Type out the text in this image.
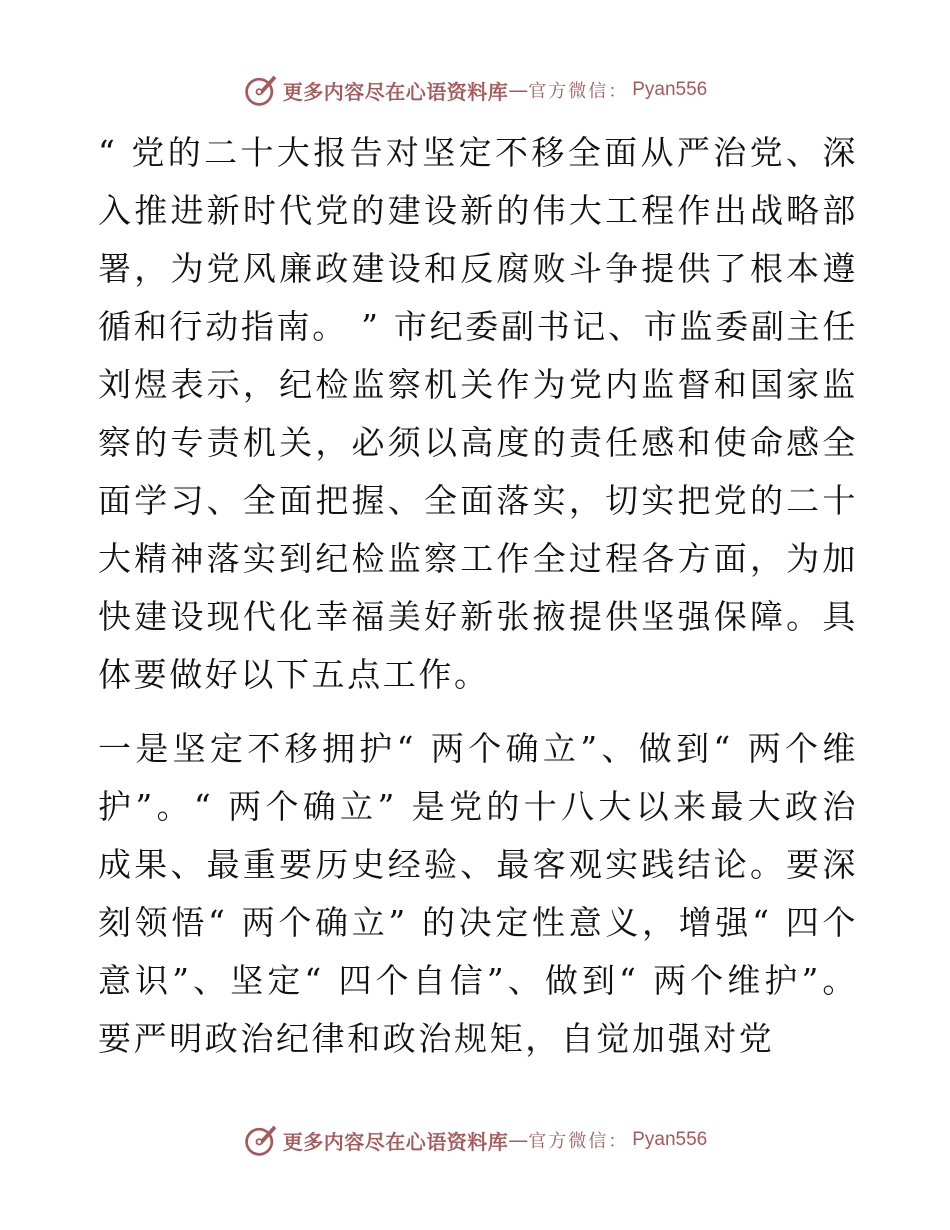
更多内容尽在心语资料库 — 官方微信： Pyan556

“ 党的二十大报告对坚定不移全面从严治党、深入推进新时代党的建设新的伟大工程作出战略部署，为党风廉政建设和反腐败斗争提供了根本遵循和行动指南。 ” 市纪委副书记、市监委副主任刘煜表示，纪检监察机关作为党内监督和国家监察的专责机关，必须以高度的责任感和使命感全面学习、全面把握、全面落实，切实把党的二十大精神落实到纪检监察工作全过程各方面，为加快建设现代化幸福美好新张掖提供坚强保障。具体要做好以下五点工作。

一是坚定不移拥护“ 两个确立”、做到“ 两个维护”。“ 两个确立” 是党的十八大以来最大政治成果、最重要历史经验、最客观实践结论。要深刻领悟“ 两个确立” 的决定性意义，增强“ 四个意识”、坚定“ 四个自信”、做到“ 两个维护”。要严明政治纪律和政治规矩，自觉加强对党

更多内容尽在心语资料库 — 官方微信： Pyan556
